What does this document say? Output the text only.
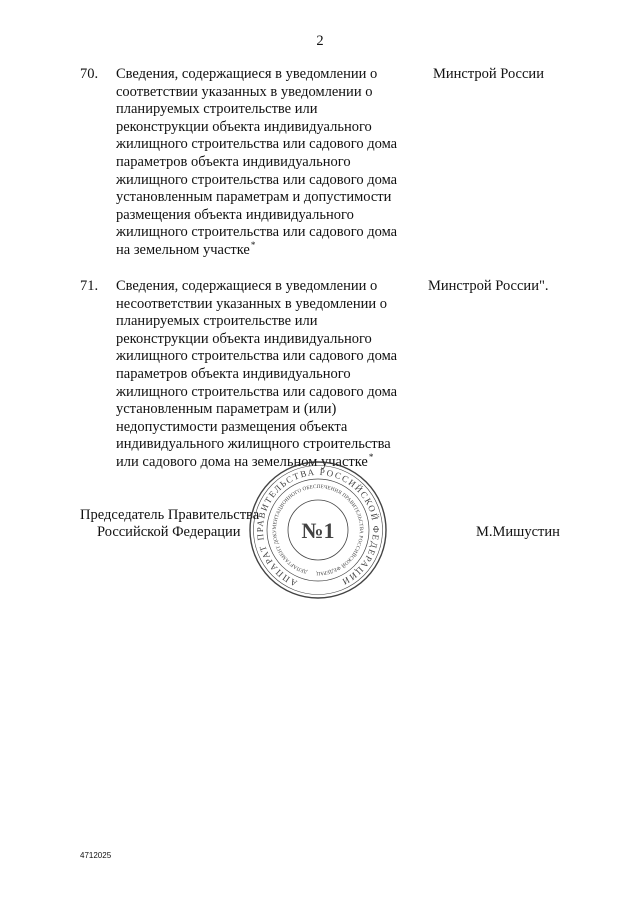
2
70. Сведения, содержащиеся в уведомлении о
соответствии указанных в уведомлении о
планируемых строительстве или
реконструкции объекта индивидуального
жилищного строительства или садового дома
параметров объекта индивидуального
жилищного строительства или садового дома
установленным параметрам и допустимости
размещения объекта индивидуального
жилищного строительства или садового дома
на земельном участке*
Минстрой России
71. Сведения, содержащиеся в уведомлении о
несоответствии указанных в уведомлении о
планируемых строительстве или
реконструкции объекта индивидуального
жилищного строительства или садового дома
параметров объекта индивидуального
жилищного строительства или садового дома
установленным параметрам и (или)
недопустимости размещения объекта
индивидуального жилищного строительства
или садового дома на земельном участке*
Минстрой России".
Председатель Правительства
Российской Федерации	М.Мишустин
АППАРАТ ПРАВИТЕЛЬСТВА РОССИЙСКОЙ ФЕДЕРАЦИИ
ДЕПАРТАМЕНТ ДОКУМЕНТАЦИОННОГО ОБЕСПЕЧЕНИЯ ПРАВИТЕЛЬСТВА РОССИЙСКОЙ ФЕДЕРАЦ
№1
4712025
